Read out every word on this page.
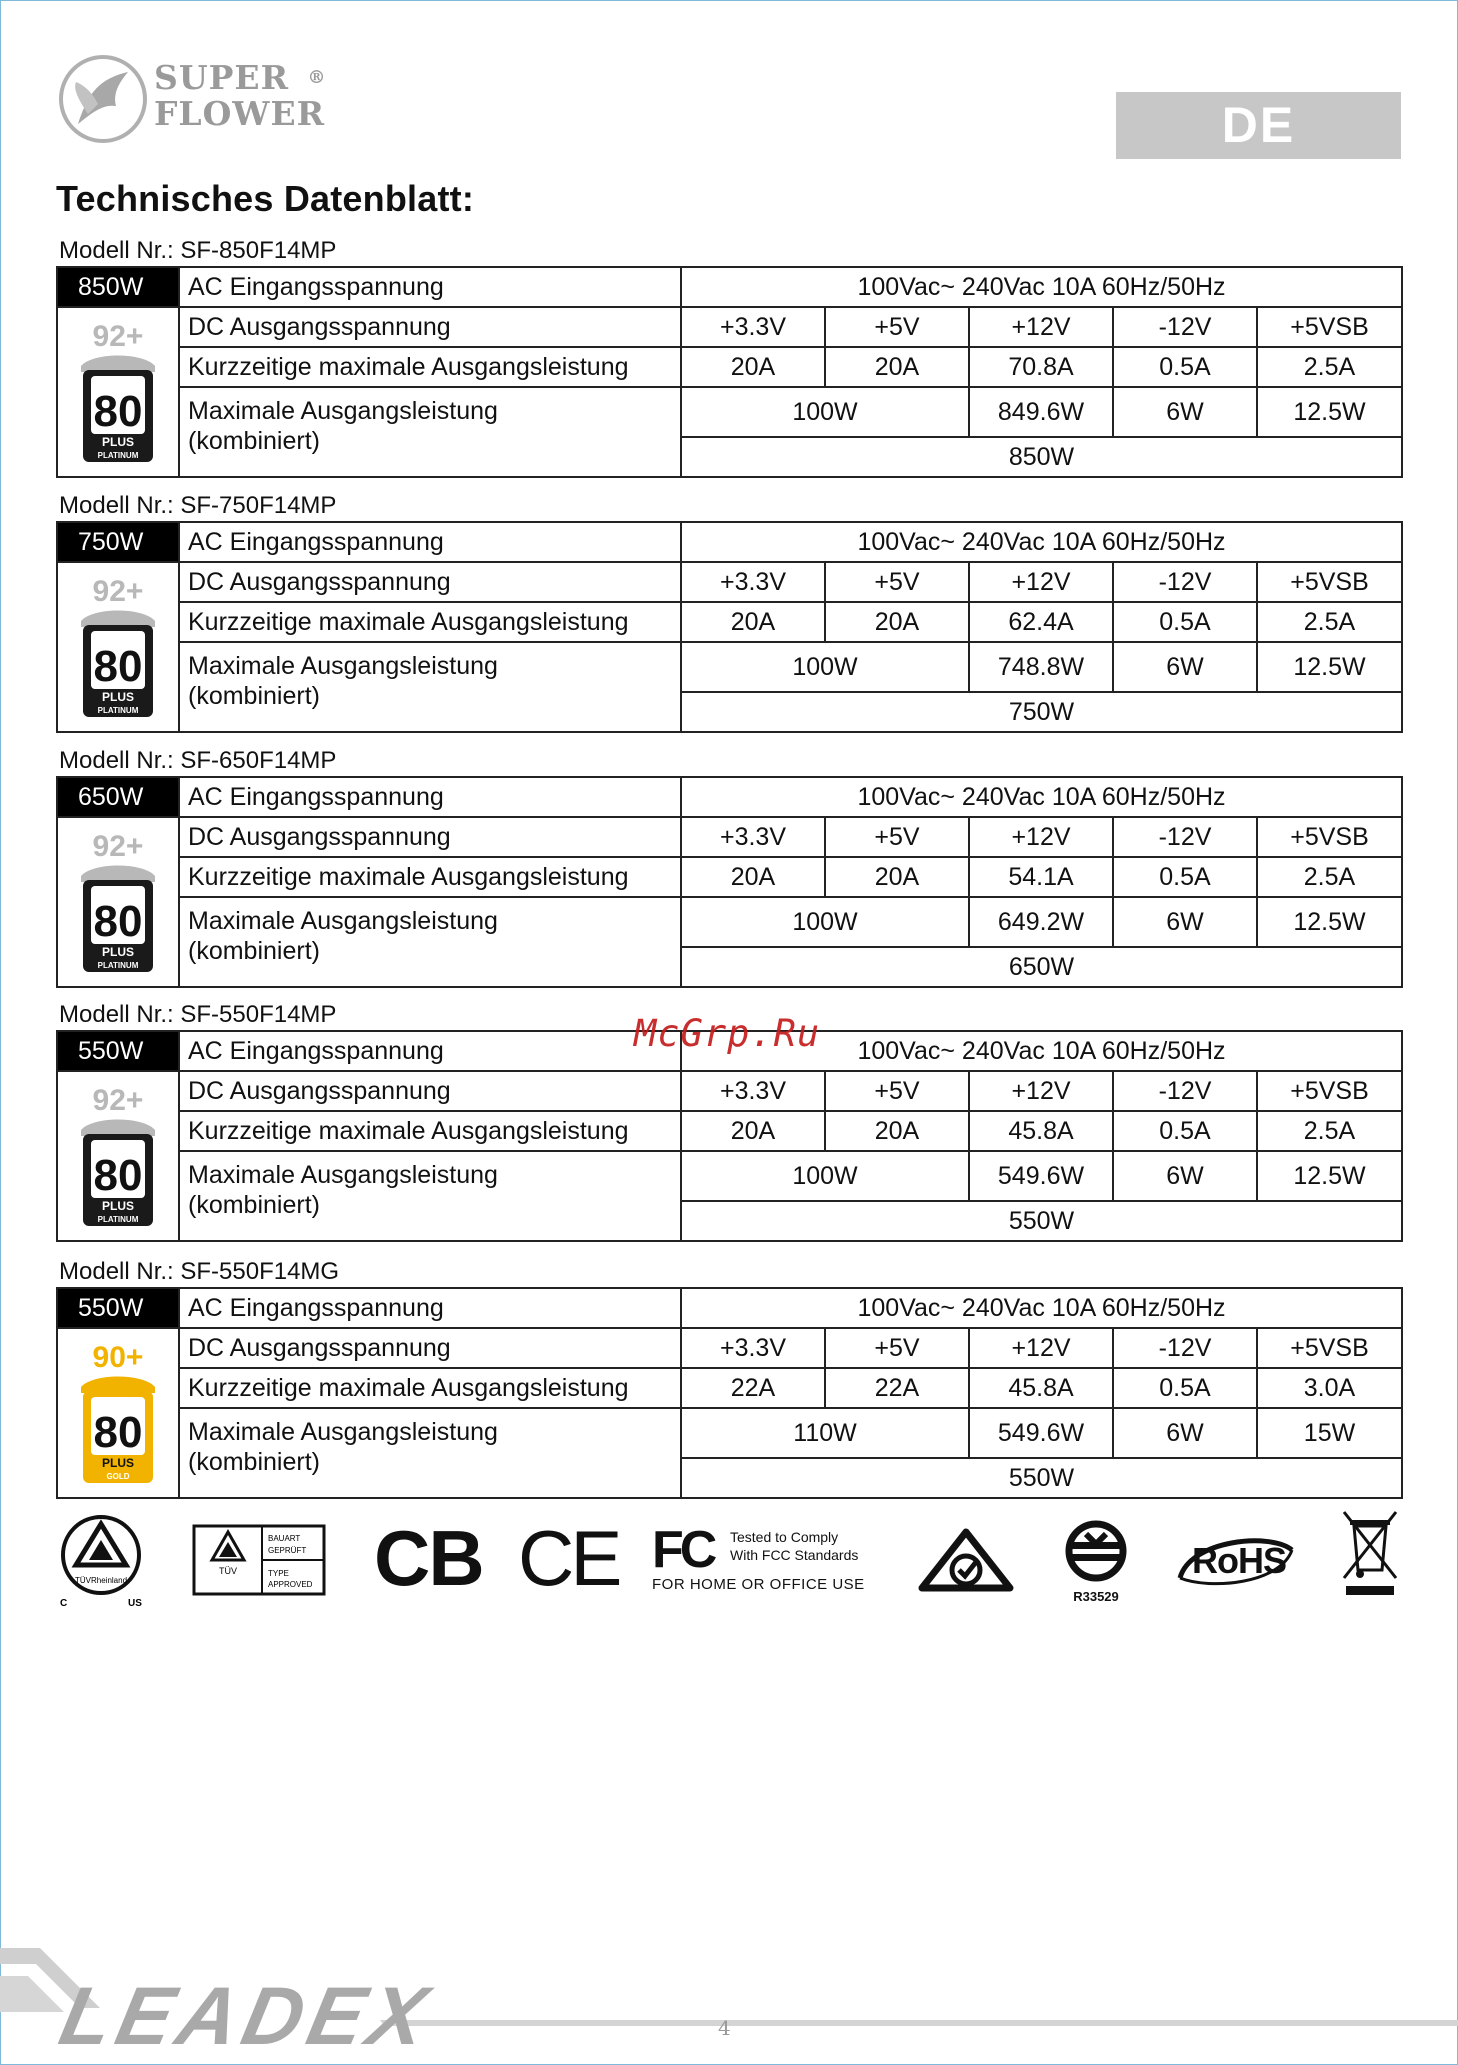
SUPER ®
FLOWER	DE
Technisches Datenblatt:
Modell Nr.: SF-850F14MP
850W	AC Eingangsspannung	100Vac~ 240Vac 10A 60Hz/50Hz				

92+
80
PLUS
PLATINUM	DC Ausgangsspannung	+3.3V	+5V	+12V	-12V	+5VSB
	Kurzzeitige maximale Ausgangsleistung	20A	20A	70.8A	0.5A	2.5A
	Maximale Ausgangsleistung
(kombiniert)	100W		849.6W	6W	12.5W
		850W				
Modell Nr.: SF-750F14MP
750W	AC Eingangsspannung	100Vac~ 240Vac 10A 60Hz/50Hz				

92+
80
PLUS
PLATINUM	DC Ausgangsspannung	+3.3V	+5V	+12V	-12V	+5VSB
	Kurzzeitige maximale Ausgangsleistung	20A	20A	62.4A	0.5A	2.5A
	Maximale Ausgangsleistung
(kombiniert)	100W		748.8W	6W	12.5W
		750W				
Modell Nr.: SF-650F14MP
650W	AC Eingangsspannung	100Vac~ 240Vac 10A 60Hz/50Hz				

92+
80
PLUS
PLATINUM	DC Ausgangsspannung	+3.3V	+5V	+12V	-12V	+5VSB
	Kurzzeitige maximale Ausgangsleistung	20A	20A	54.1A	0.5A	2.5A
	Maximale Ausgangsleistung
(kombiniert)	100W		649.2W	6W	12.5W
		650W				
Modell Nr.: SF-550F14MP
550W	AC Eingangsspannung	100Vac~ 240Vac 10A 60Hz/50Hz				

92+
80
PLUS
PLATINUM	DC Ausgangsspannung	+3.3V	+5V	+12V	-12V	+5VSB
	Kurzzeitige maximale Ausgangsleistung	20A	20A	45.8A	0.5A	2.5A
	Maximale Ausgangsleistung
(kombiniert)	100W		549.6W	6W	12.5W
		550W				
Modell Nr.: SF-550F14MG
550W	AC Eingangsspannung	100Vac~ 240Vac 10A 60Hz/50Hz				

90+
80
PLUS
GOLD	DC Ausgangsspannung	+3.3V	+5V	+12V	-12V	+5VSB
	Kurzzeitige maximale Ausgangsleistung	22A	22A	45.8A	0.5A	3.0A
	Maximale Ausgangsleistung
(kombiniert)	110W		549.6W	6W	15W
		550W				
McGrp.Ru
TÜVRheinland
C	US
TÜV
BAUART
GEPRÜFT
TYPE
APPROVED CB CE FC Tested to Comply
With FCC Standards
FOR HOME OR OFFICE USE
R33529
RoHS
LEADEX	4
